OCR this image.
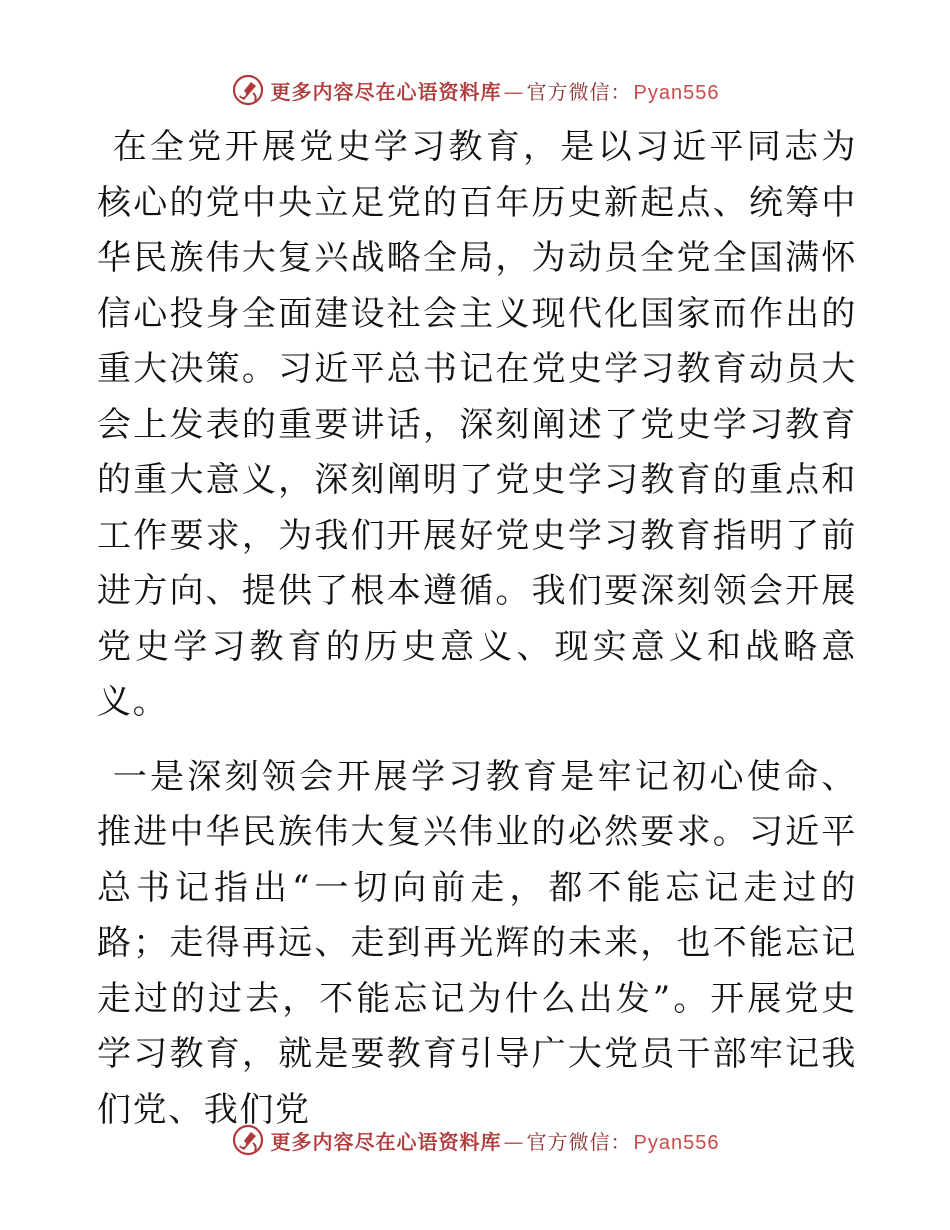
更多内容尽在心语资料库 — 官方微信： Pyan556

在全党开展党史学习教育，是以习近平同志为核心的党中央立足党的百年历史新起点、统筹中华民族伟大复兴战略全局，为动员全党全国满怀信心投身全面建设社会主义现代化国家而作出的重大决策。习近平总书记在党史学习教育动员大会上发表的重要讲话，深刻阐述了党史学习教育的重大意义，深刻阐明了党史学习教育的重点和工作要求，为我们开展好党史学习教育指明了前进方向、提供了根本遵循。我们要深刻领会开展党史学习教育的历史意义、现实意义和战略意义。

一是深刻领会开展学习教育是牢记初心使命、推进中华民族伟大复兴伟业的必然要求。习近平总书记指出“一切向前走，都不能忘记走过的路；走得再远、走到再光辉的未来，也不能忘记走过的过去，不能忘记为什么出发”。开展党史学习教育，就是要教育引导广大党员干部牢记我们党、我们党

更多内容尽在心语资料库 — 官方微信： Pyan556
